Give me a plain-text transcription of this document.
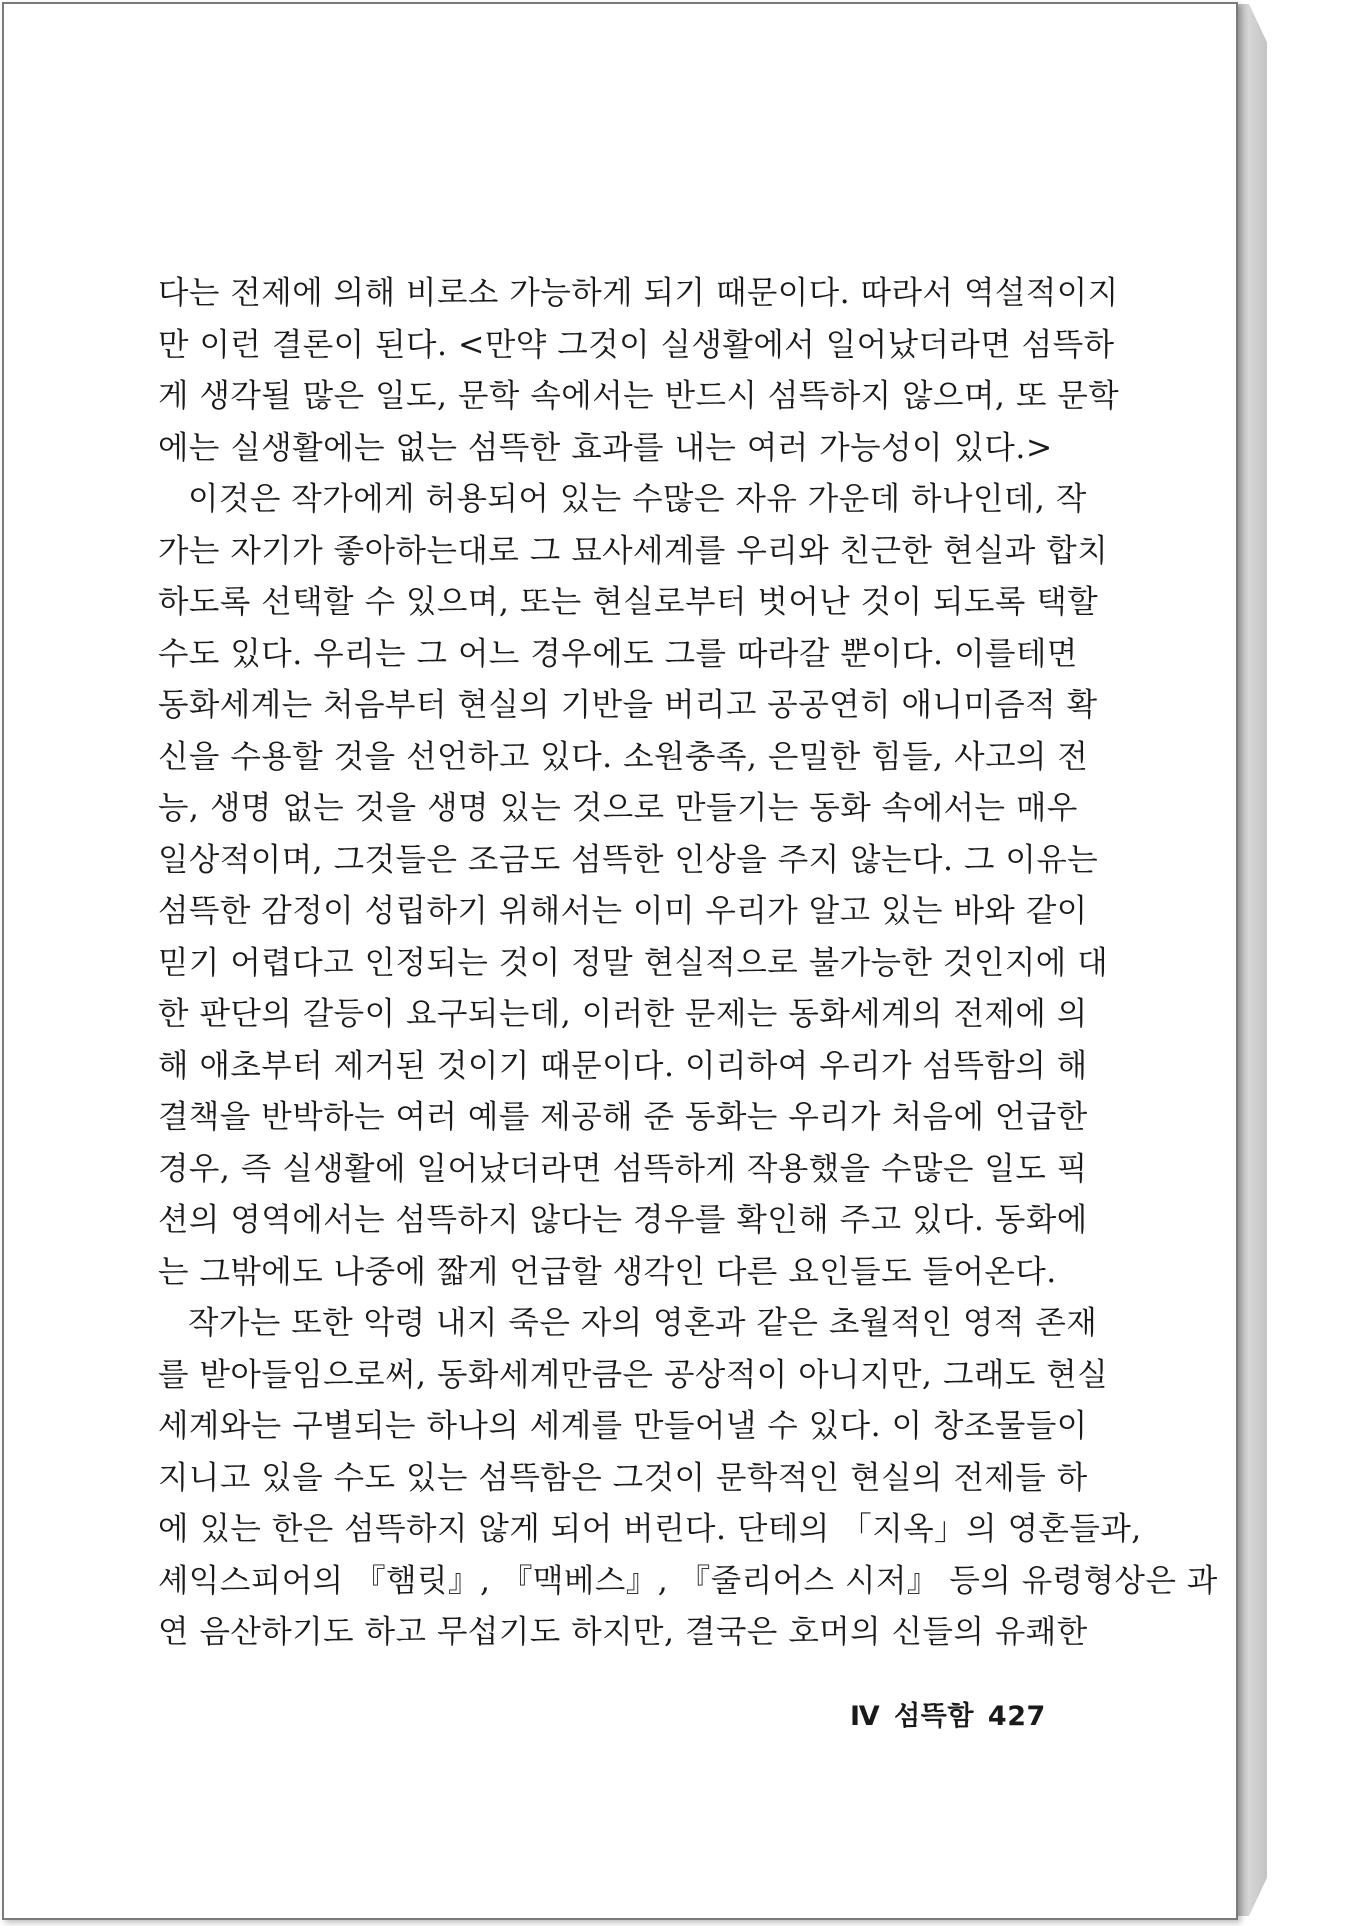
다는 전제에 의해 비로소 가능하게 되기 때문이다. 따라서 역설적이지
만 이런 결론이 된다. <만약 그것이 실생활에서 일어났더라면 섬뜩하
게 생각될 많은 일도, 문학 속에서는 반드시 섬뜩하지 않으며, 또 문학
에는 실생활에는 없는 섬뜩한 효과를 내는 여러 가능성이 있다.>

이것은 작가에게 허용되어 있는 수많은 자유 가운데 하나인데, 작
가는 자기가 좋아하는대로 그 묘사세계를 우리와 친근한 현실과 합치
하도록 선택할 수 있으며, 또는 현실로부터 벗어난 것이 되도록 택할
수도 있다. 우리는 그 어느 경우에도 그를 따라갈 뿐이다. 이를테면
동화세계는 처음부터 현실의 기반을 버리고 공공연히 애니미즘적 확
신을 수용할 것을 선언하고 있다. 소원충족, 은밀한 힘들, 사고의 전
능, 생명 없는 것을 생명 있는 것으로 만들기는 동화 속에서는 매우
일상적이며, 그것들은 조금도 섬뜩한 인상을 주지 않는다. 그 이유는
섬뜩한 감정이 성립하기 위해서는 이미 우리가 알고 있는 바와 같이
믿기 어렵다고 인정되는 것이 정말 현실적으로 불가능한 것인지에 대
한 판단의 갈등이 요구되는데, 이러한 문제는 동화세계의 전제에 의
해 애초부터 제거된 것이기 때문이다. 이리하여 우리가 섬뜩함의 해
결책을 반박하는 여러 예를 제공해 준 동화는 우리가 처음에 언급한
경우, 즉 실생활에 일어났더라면 섬뜩하게 작용했을 수많은 일도 픽
션의 영역에서는 섬뜩하지 않다는 경우를 확인해 주고 있다. 동화에
는 그밖에도 나중에 짧게 언급할 생각인 다른 요인들도 들어온다.

작가는 또한 악령 내지 죽은 자의 영혼과 같은 초월적인 영적 존재
를 받아들임으로써, 동화세계만큼은 공상적이 아니지만, 그래도 현실
세계와는 구별되는 하나의 세계를 만들어낼 수 있다. 이 창조물들이
지니고 있을 수도 있는 섬뜩함은 그것이 문학적인 현실의 전제들 하
에 있는 한은 섬뜩하지 않게 되어 버린다. 단테의 「지옥」의 영혼들과,
셰익스피어의 『햄릿』, 『맥베스』, 『줄리어스 시저』 등의 유령형상은 과
연 음산하기도 하고 무섭기도 하지만, 결국은 호머의 신들의 유쾌한

Ⅳ 섬뜩함 427
